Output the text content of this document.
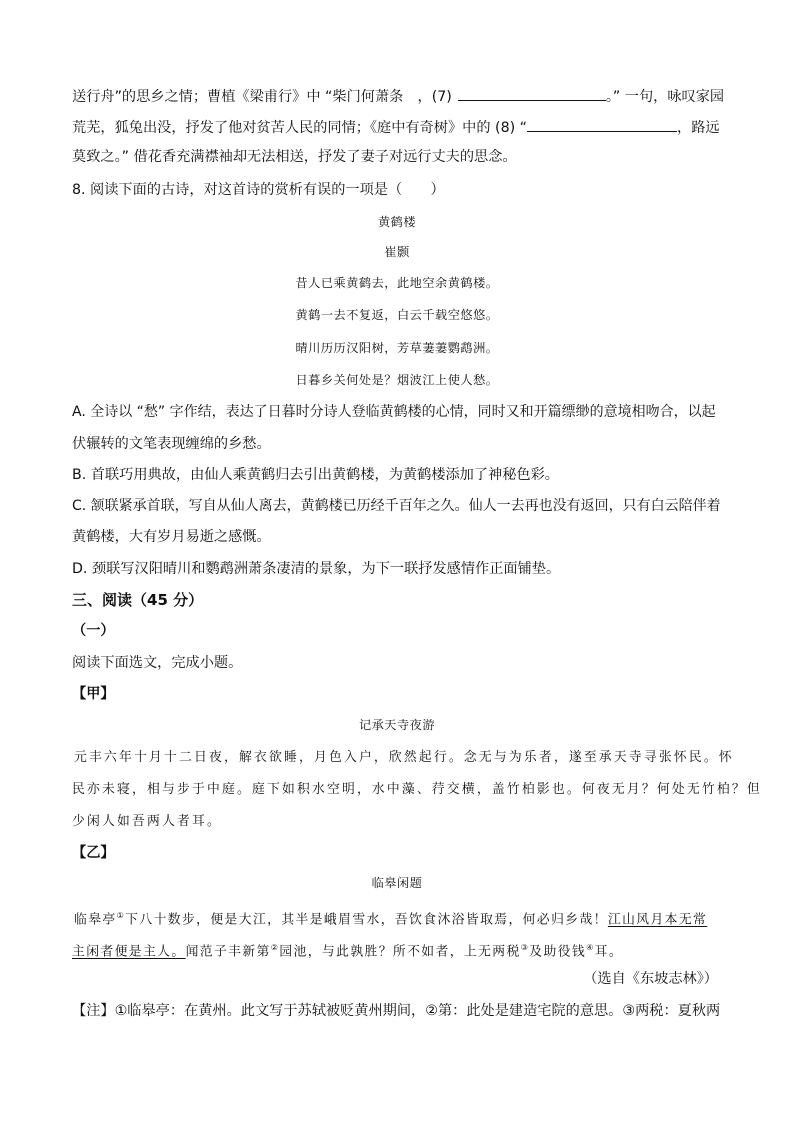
送行舟”的思乡之情；曹植《梁甫行》中 “柴门何萧条　，(7)	。” 一句，咏叹家园
荒芜，狐兔出没，抒发了他对贫苦人民的同情；《庭中有奇树》中的 (8) “	，路远
莫致之。” 借花香充满襟袖却无法相送，抒发了妻子对远行丈夫的思念。
8. 阅读下面的古诗，对这首诗的赏析有误的一项是（　　）
黄鹤楼
崔颢
昔人已乘黄鹤去，此地空余黄鹤楼。
黄鹤一去不复返，白云千载空悠悠。
晴川历历汉阳树，芳草萋萋鹦鹉洲。
日暮乡关何处是？烟波江上使人愁。
A. 全诗以 “愁” 字作结，表达了日暮时分诗人登临黄鹤楼的心情，同时又和开篇缥缈的意境相吻合，以起
伏辗转的文笔表现缠绵的乡愁。
B. 首联巧用典故，由仙人乘黄鹤归去引出黄鹤楼，为黄鹤楼添加了神秘色彩。
C. 颔联紧承首联，写自从仙人离去，黄鹤楼已历经千百年之久。仙人一去再也没有返回，只有白云陪伴着
黄鹤楼，大有岁月易逝之感慨。
D. 颈联写汉阳晴川和鹦鹉洲萧条凄清的景象，为下一联抒发感情作正面铺垫。
三、阅读（45 分）
（一）
阅读下面选文，完成小题。
【甲】
记承天寺夜游
元丰六年十月十二日夜，解衣欲睡，月色入户，欣然起行。念无与为乐者，遂至承天寺寻张怀民。怀
民亦未寝，相与步于中庭。庭下如积水空明，水中藻、荇交横，盖竹柏影也。何夜无月？何处无竹柏？但
少闲人如吾两人者耳。
【乙】
临皋闲题
临皋亭①下八十数步，便是大江，其半是峨眉雪水，吾饮食沐浴皆取焉，何必归乡哉！江山风月本无常
主闲者便是主人。闻范子丰新第②园池，与此孰胜？所不如者，上无两税③及助役钱④耳。
（选自《东坡志林》）
【注】①临皋亭：在黄州。此文写于苏轼被贬黄州期间，②第：此处是建造宅院的意思。③两税：夏秋两
